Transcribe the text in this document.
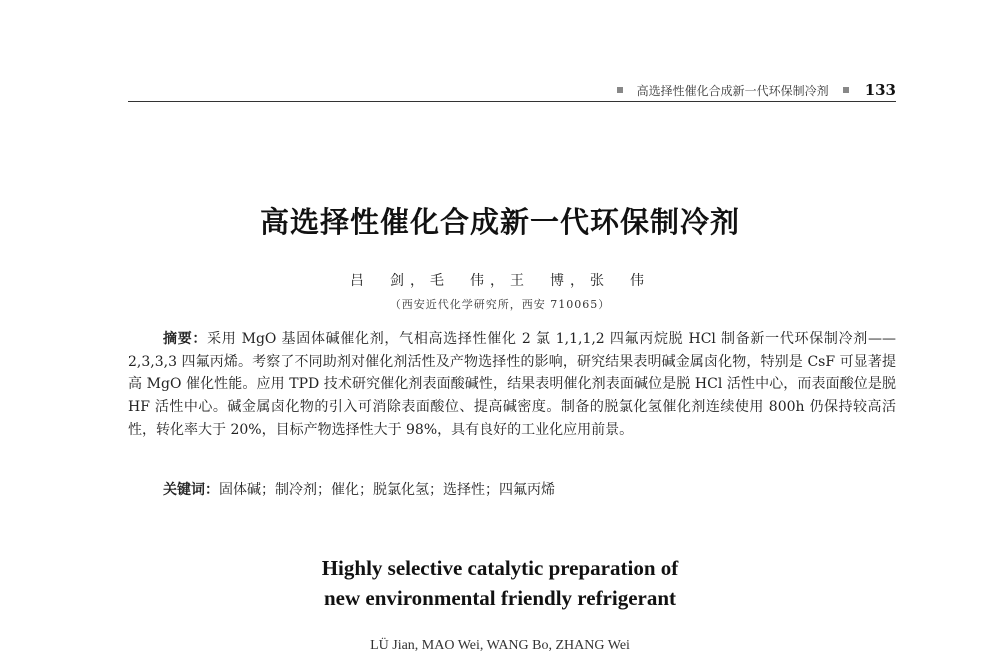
高选择性催化合成新一代环保制冷剂 133
高选择性催化合成新一代环保制冷剂
吕　剑，毛　伟，王　博，张　伟
（西安近代化学研究所，西安 710065）
摘要：采用 MgO 基固体碱催化剂，气相高选择性催化 2 氯 1,1,1,2 四氟丙烷脱 HCl 制备新一代环保制冷剂——2,3,3,3 四氟丙烯。考察了不同助剂对催化剂活性及产物选择性的影响，研究结果表明碱金属卤化物，特别是 CsF 可显著提高 MgO 催化性能。应用 TPD 技术研究催化剂表面酸碱性，结果表明催化剂表面碱位是脱 HCl 活性中心，而表面酸位是脱 HF 活性中心。碱金属卤化物的引入可消除表面酸位、提高碱密度。制备的脱氯化氢催化剂连续使用 800h 仍保持较高活性，转化率大于 20%，目标产物选择性大于 98%，具有良好的工业化应用前景。
关键词：固体碱；制冷剂；催化；脱氯化氢；选择性；四氟丙烯
Highly selective catalytic preparation of
new environmental friendly refrigerant
LÜ Jian, MAO Wei, WANG Bo, ZHANG Wei
